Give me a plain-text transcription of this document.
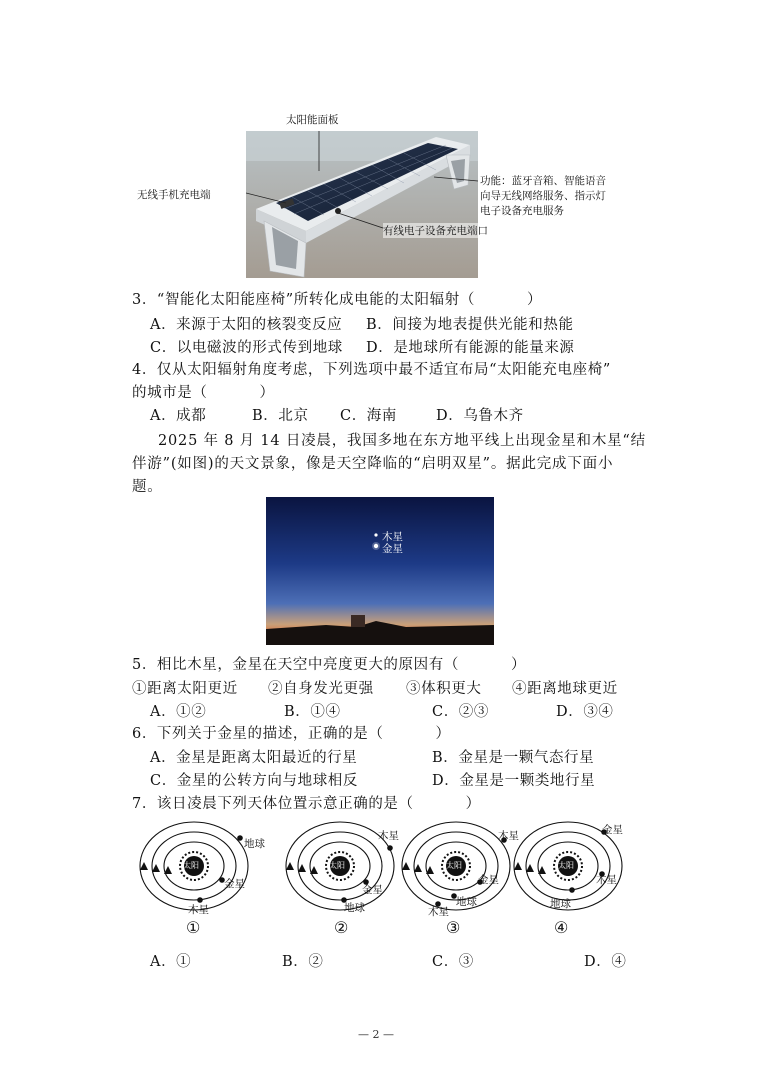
太阳能面板
无线手机充电端
有线电子设备充电端口
功能：蓝牙音箱、智能语音
向导无线网络服务、指示灯
电子设备充电服务
3．“智能化太阳能座椅”所转化成电能的太阳辐射（	）
A．来源于太阳的核裂变反应 B．间接为地表提供光能和热能
C．以电磁波的形式传到地球 D．是地球所有能源的能量来源
4．仅从太阳辐射角度考虑，下列选项中最不适宜布局“太阳能充电座椅”
的城市是（	）
A．成都	B．北京 C．海南	D．乌鲁木齐
2025 年 8 月 14 日凌晨，我国多地在东方地平线上出现金星和木星“结
伴游”(如图)的天文景象，像是天空降临的“启明双星”。据此完成下面小
题。
木星
金星
5．相比木星，金星在天空中亮度更大的原因有（	）
①距离太阳更近 ②自身发光更强 ③体积更大 ④距离地球更近
A．①②	B．①④	C．②③	D．③④
6．下列关于金星的描述，正确的是（	）
A．金星是距离太阳最近的行星	B．金星是一颗气态行星
C．金星的公转方向与地球相反	D．金星是一颗类地行星
7．该日凌晨下列天体位置示意正确的是（	）
太阳
地球
金星
木星
①
太阳
木星
金星
地球
②
太阳
木星
金星
地球
木星
③
太阳
金星
木星
地球
④
A．①	B．②	C．③	D．④
— 2 —
